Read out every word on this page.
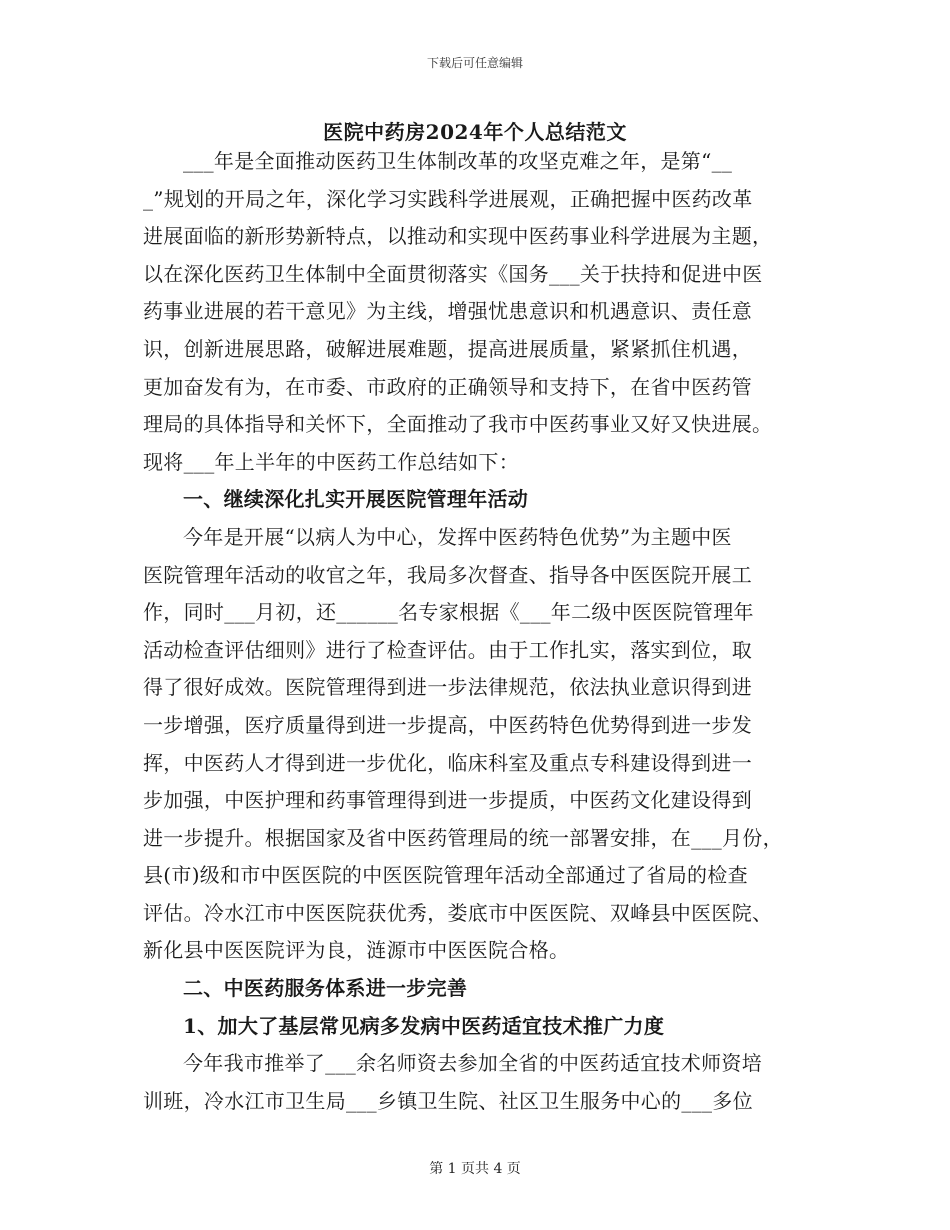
下载后可任意编辑
医院中药房2024年个人总结范文
___年是全面推动医药卫生体制改革的攻坚克难之年，是第“__
_”规划的开局之年，深化学习实践科学进展观，正确把握中医药改革
进展面临的新形势新特点，以推动和实现中医药事业科学进展为主题，
以在深化医药卫生体制中全面贯彻落实《国务___关于扶持和促进中医
药事业进展的若干意见》为主线，增强忧患意识和机遇意识、责任意
识，创新进展思路，破解进展难题，提高进展质量，紧紧抓住机遇，
更加奋发有为，在市委、市政府的正确领导和支持下，在省中医药管
理局的具体指导和关怀下，全面推动了我市中医药事业又好又快进展。
现将___年上半年的中医药工作总结如下：
一、继续深化扎实开展医院管理年活动
今年是开展“以病人为中心，发挥中医药特色优势”为主题中医
医院管理年活动的收官之年，我局多次督查、指导各中医医院开展工
作，同时___月初，还______名专家根据《___年二级中医医院管理年
活动检查评估细则》进行了检查评估。由于工作扎实，落实到位，取
得了很好成效。医院管理得到进一步法律规范，依法执业意识得到进
一步增强，医疗质量得到进一步提高，中医药特色优势得到进一步发
挥，中医药人才得到进一步优化，临床科室及重点专科建设得到进一
步加强，中医护理和药事管理得到进一步提质，中医药文化建设得到
进一步提升。根据国家及省中医药管理局的统一部署安排，在___月份，
县(市)级和市中医医院的中医医院管理年活动全部通过了省局的检查
评估。冷水江市中医医院获优秀，娄底市中医医院、双峰县中医医院、
新化县中医医院评为良，涟源市中医医院合格。
二、中医药服务体系进一步完善
1、加大了基层常见病多发病中医药适宜技术推广力度
今年我市推举了___余名师资去参加全省的中医药适宜技术师资培
训班，冷水江市卫生局___乡镇卫生院、社区卫生服务中心的___多位
第 1 页共 4 页
